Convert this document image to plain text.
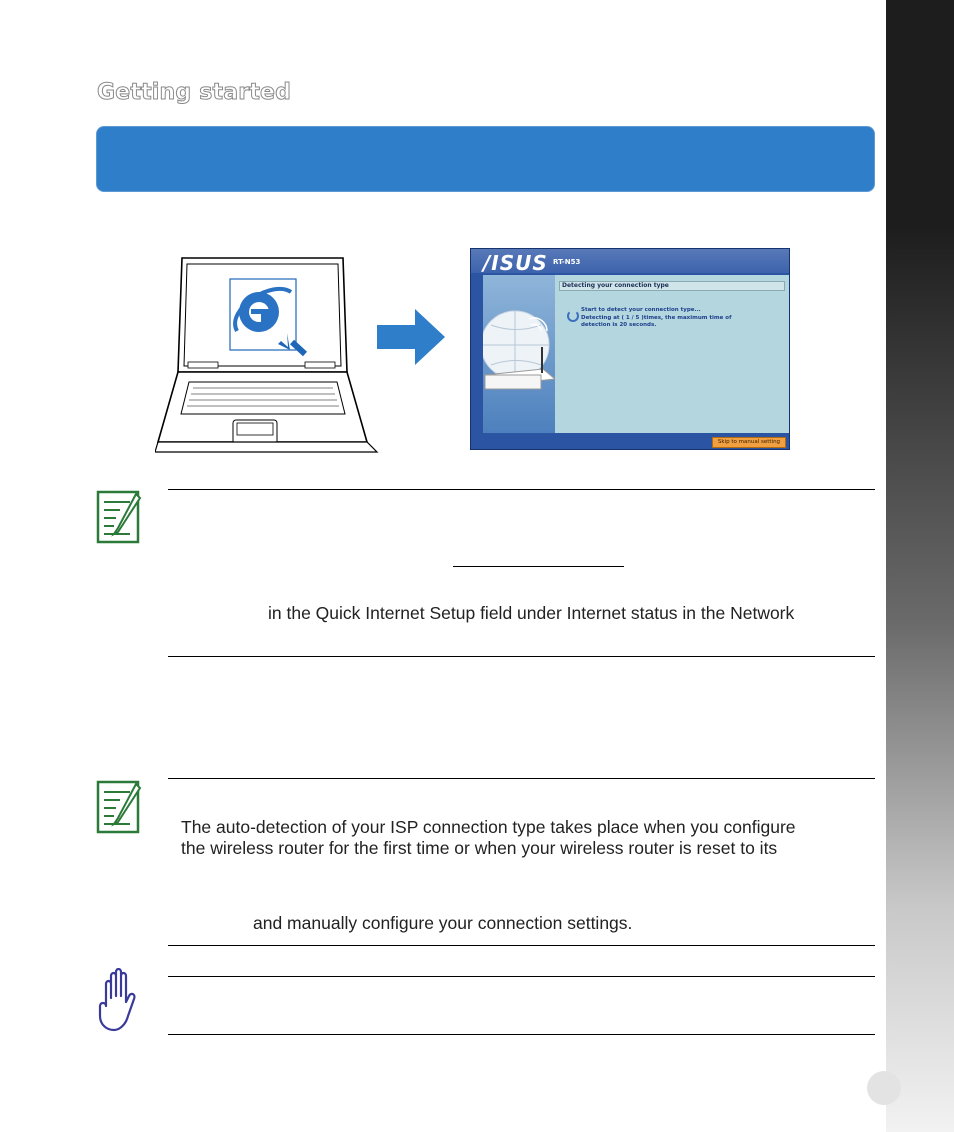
Getting started
/ISUS RT-N53
Detecting your connection type
Start to detect your connection type...
Detecting at ( 1 / 5 )times, the maximum time of
detection is 20 seconds.
Skip to manual setting
in the Quick Internet Setup field under Internet status in the Network
The auto-detection of your ISP connection type takes place when you configure
the wireless router for the first time or when your wireless router is reset to its
and manually configure your connection settings.
